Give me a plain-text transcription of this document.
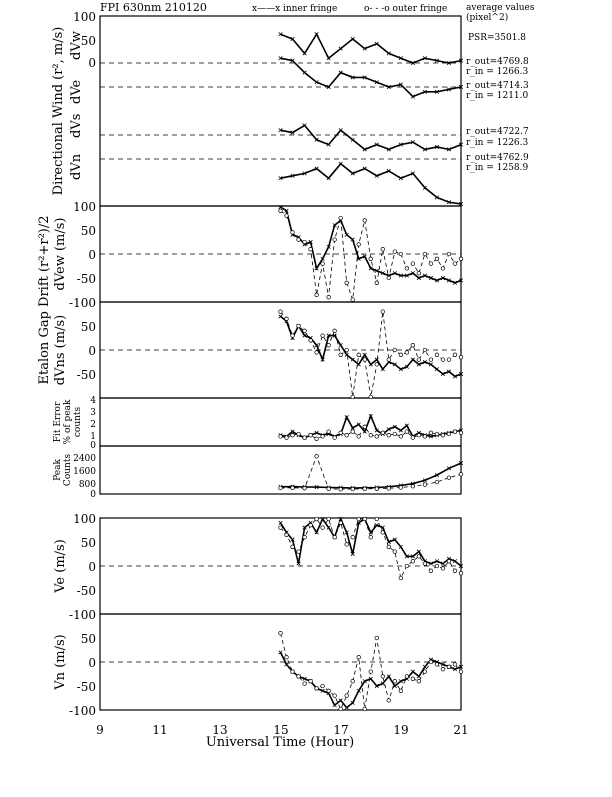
FPI 630nm 210120	x——x inner fringe	o- - -o outer fringe average values
(pixel^2)
PSR=3501.8
r_out=4769.8
r_in = 1266.3
r_out=4714.3
r_in = 1211.0
r_out=4722.7
r_in = 1226.3
r_out=4762.9
r_in = 1258.9
100
50
0
100
50
0
-50
-100
50
0
-50
4
3
2
1
0
2400
1600
800
0
100
50
0
-50
-100
50
0
-50
-100
dVw
dVe
dVs
dVn
Directional Wind (r², m/s)
Etalon Gap Drift (r²+r²)/2 dVew (m/s)
dVns (m/s)
Fit Error % of peak counts
Peak Counts
Ve (m/s)
Vn (m/s)
9	11	13	15	17	19	21
Universal Time (Hour)
